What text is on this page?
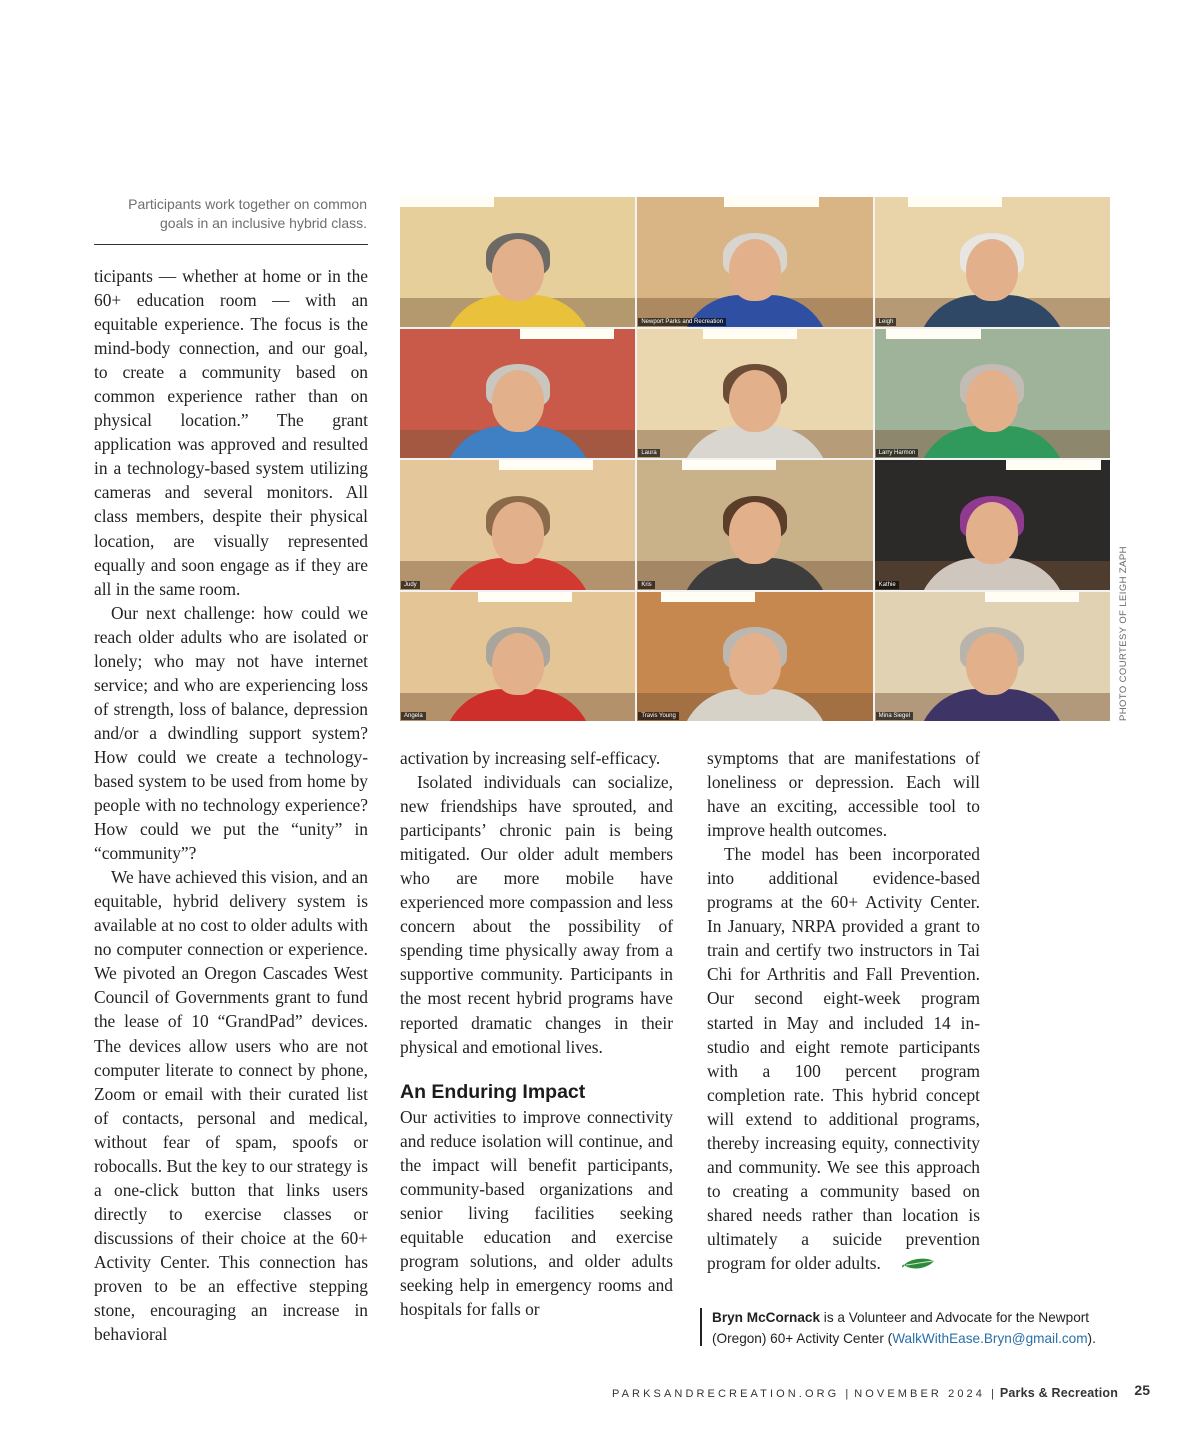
Participants work together on common goals in an inclusive hybrid class.
Newport Parks and Recreation	Leigh
Laura	Larry Harmon
Judy	Kris	Kathie
Angela	Travis Young	Mina Siegel	PHOTO COURTESY OF LEIGH ZAPH

ticipants — whether at home or in the 60+ education room — with an equitable experience. The focus is the mind-body connection, and our goal, to create a community based on common experience rather than on physical location.” The grant application was approved and resulted in a technology-based system utilizing cameras and several monitors. All class members, despite their physical location, are visually represented equally and soon engage as if they are all in the same room.

Our next challenge: how could we reach older adults who are isolated or lonely; who may not have internet service; and who are experiencing loss of strength, loss of balance, depression and/or a dwindling support system? How could we create a technology-based system to be used from home by people with no technology experience? How could we put the “unity” in “community”?

We have achieved this vision, and an equitable, hybrid delivery system is available at no cost to older adults with no computer connection or experience. We pivoted an Oregon Cascades West Council of Governments grant to fund the lease of 10 “GrandPad” devices. The devices allow users who are not computer literate to connect by phone, Zoom or email with their curated list of contacts, personal and medical, without fear of spam, spoofs or robocalls. But the key to our strategy is a one-click button that links users directly to exercise classes or discussions of their choice at the 60+ Activity Center. This connection has proven to be an effective stepping stone, encouraging an increase in behavioral

activation by increasing self-efficacy.

Isolated individuals can socialize, new friendships have sprouted, and participants’ chronic pain is being mitigated. Our older adult members who are more mobile have experienced more compassion and less concern about the possibility of spending time physically away from a supportive community. Participants in the most recent hybrid programs have reported dramatic changes in their physical and emotional lives.

An Enduring Impact

Our activities to improve connectivity and reduce isolation will continue, and the impact will benefit participants, community-based organizations and senior living facilities seeking equitable education and exercise program solutions, and older adults seeking help in emergency rooms and hospitals for falls or

symptoms that are manifestations of loneliness or depression. Each will have an exciting, accessible tool to improve health outcomes.

The model has been incorporated into additional evidence-based programs at the 60+ Activity Center. In January, NRPA provided a grant to train and certify two instructors in Tai Chi for Arthritis and Fall Prevention. Our second eight-week program started in May and included 14 in-studio and eight remote participants with a 100 percent program completion rate. This hybrid concept will extend to additional programs, thereby increasing equity, connectivity and community. We see this approach to creating a community based on shared needs rather than location is ultimately a suicide prevention program for older adults.

Bryn McCornack is a Volunteer and Advocate for the Newport (Oregon) 60+ Activity Center (WalkWithEase.Bryn@gmail.com).
PARKSANDRECREATION.ORG | NOVEMBER 2024 | Parks & Recreation 25
